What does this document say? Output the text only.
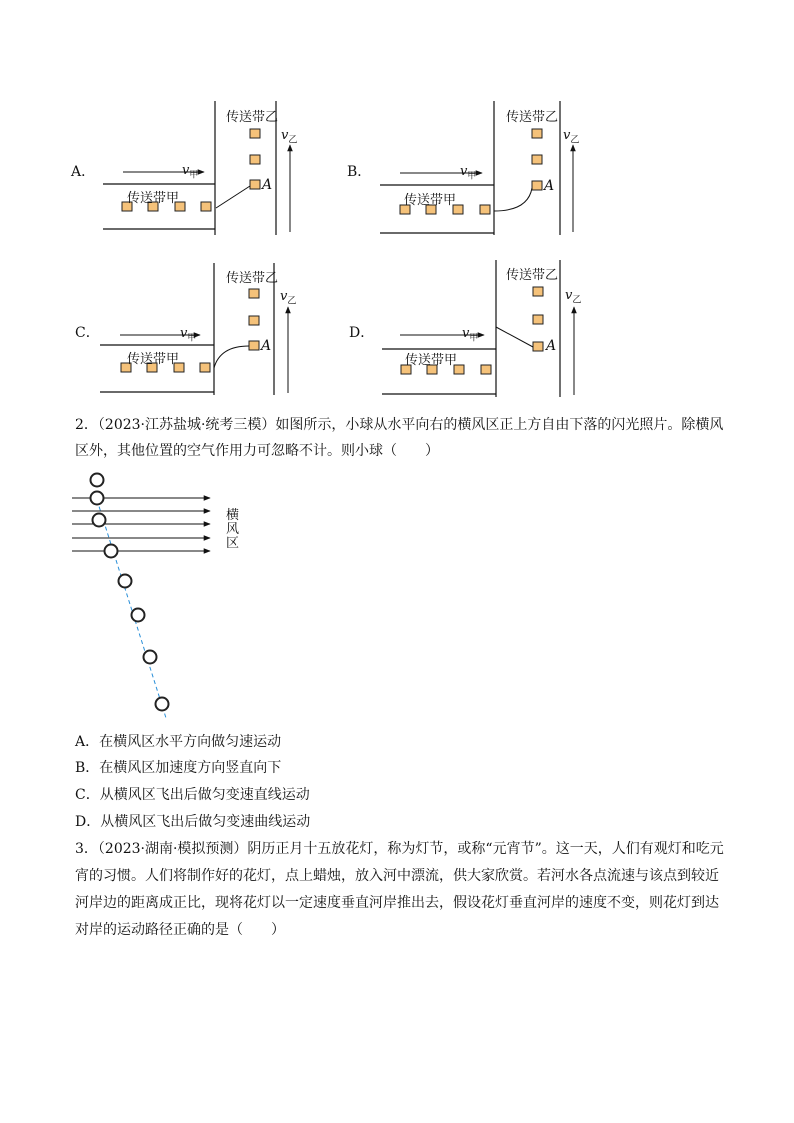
A．
传送带乙
传送带甲
A
$v_甲$
$v_乙$
B．
传送带乙
传送带甲
A
$v_甲$
$v_乙$
C．
传送带乙
传送带甲
A
$v_甲$
$v_乙$
D．
传送带乙
传送带甲
A
$v_甲$
$v_乙$
2．（2023·江苏盐城·统考三模）如图所示，小球从水平向右的横风区正上方自由下落的闪光照片。除横风
区外，其他位置的空气作用力可忽略不计。则小球（　　）
横
风
区
A．在横风区水平方向做匀速运动
B．在横风区加速度方向竖直向下
C．从横风区飞出后做匀变速直线运动
D．从横风区飞出后做匀变速曲线运动
3．（2023·湖南·模拟预测）阴历正月十五放花灯，称为灯节，或称“元宵节”。这一天，人们有观灯和吃元
宵的习惯。人们将制作好的花灯，点上蜡烛，放入河中漂流，供大家欣赏。若河水各点流速与该点到较近
河岸边的距离成正比，现将花灯以一定速度垂直河岸推出去，假设花灯垂直河岸的速度不变，则花灯到达
对岸的运动路径正确的是（　　）
